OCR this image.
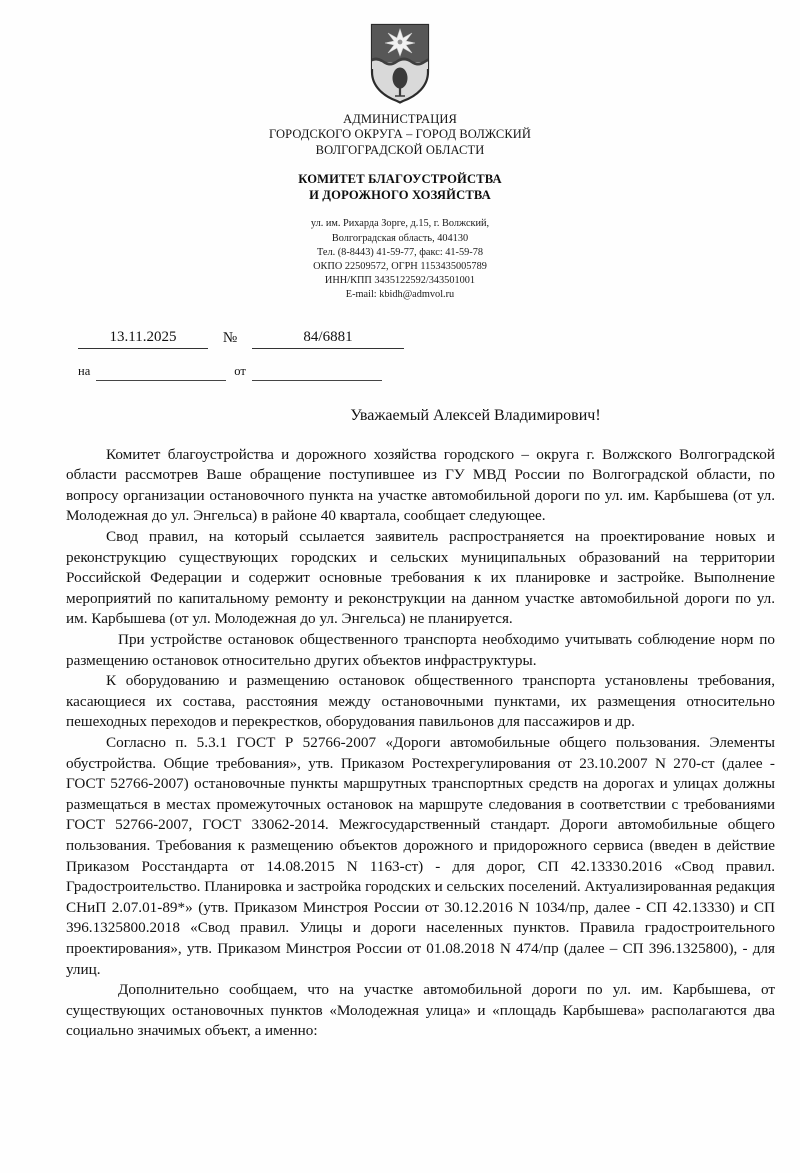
АДМИНИСТРАЦИЯ
ГОРОДСКОГО ОКРУГА – ГОРОД ВОЛЖСКИЙ
ВОЛГОГРАДСКОЙ ОБЛАСТИ
КОМИТЕТ БЛАГОУСТРОЙСТВА
И ДОРОЖНОГО ХОЗЯЙСТВА
ул. им. Рихарда Зорге, д.15, г. Волжский,
Волгоградская область, 404130
Тел. (8-8443) 41-59-77, факс: 41-59-78
ОКПО 22509572, ОГРН 1153435005789
ИНН/КПП 3435122592/343501001
E-mail: kbidh@admvol.ru
13.11.2025	№	84/6881
на	от
Уважаемый Алексей Владимирович!

Комитет благоустройства и дорожного хозяйства городского – округа г. Волжского Волгоградской области рассмотрев Ваше обращение поступившее из ГУ МВД России по Волгоградской области, по вопросу организации остановочного пункта на участке автомобильной дороги по ул. им. Карбышева (от ул. Молодежная до ул. Энгельса) в районе 40 квартала, сообщает следующее.

Свод правил, на который ссылается заявитель распространяется на проектирование новых и реконструкцию существующих городских и сельских муниципальных образований на территории Российской Федерации и содержит основные требования к их планировке и застройке. Выполнение мероприятий по капитальному ремонту и реконструкции на данном участке автомобильной дороги по ул. им. Карбышева (от ул. Молодежная до ул. Энгельса) не планируется.

При устройстве остановок общественного транспорта необходимо учитывать соблюдение норм по размещению остановок относительно других объектов инфраструктуры.

К оборудованию и размещению остановок общественного транспорта установлены требования, касающиеся их состава, расстояния между остановочными пунктами, их размещения относительно пешеходных переходов и перекрестков, оборудования павильонов для пассажиров и др.

Согласно п. 5.3.1 ГОСТ Р 52766-2007 «Дороги автомобильные общего пользования. Элементы обустройства. Общие требования», утв. Приказом Ростехрегулирования от 23.10.2007 N 270-ст (далее - ГОСТ 52766-2007) остановочные пункты маршрутных транспортных средств на дорогах и улицах должны размещаться в местах промежуточных остановок на маршруте следования в соответствии с требованиями ГОСТ 52766-2007, ГОСТ 33062-2014. Межгосударственный стандарт. Дороги автомобильные общего пользования. Требования к размещению объектов дорожного и придорожного сервиса (введен в действие Приказом Росстандарта от 14.08.2015 N 1163-ст) - для дорог, СП 42.13330.2016 «Свод правил. Градостроительство. Планировка и застройка городских и сельских поселений. Актуализированная редакция СНиП 2.07.01-89*» (утв. Приказом Минстроя России от 30.12.2016 N 1034/пр, далее - СП 42.13330) и СП 396.1325800.2018 «Свод правил. Улицы и дороги населенных пунктов. Правила градостроительного проектирования», утв. Приказом Минстроя России от 01.08.2018 N 474/пр (далее – СП 396.1325800), - для улиц.

Дополнительно сообщаем, что на участке автомобильной дороги по ул. им. Карбышева, от существующих остановочных пунктов «Молодежная улица» и «площадь Карбышева» располагаются два социально значимых объект, а именно:
